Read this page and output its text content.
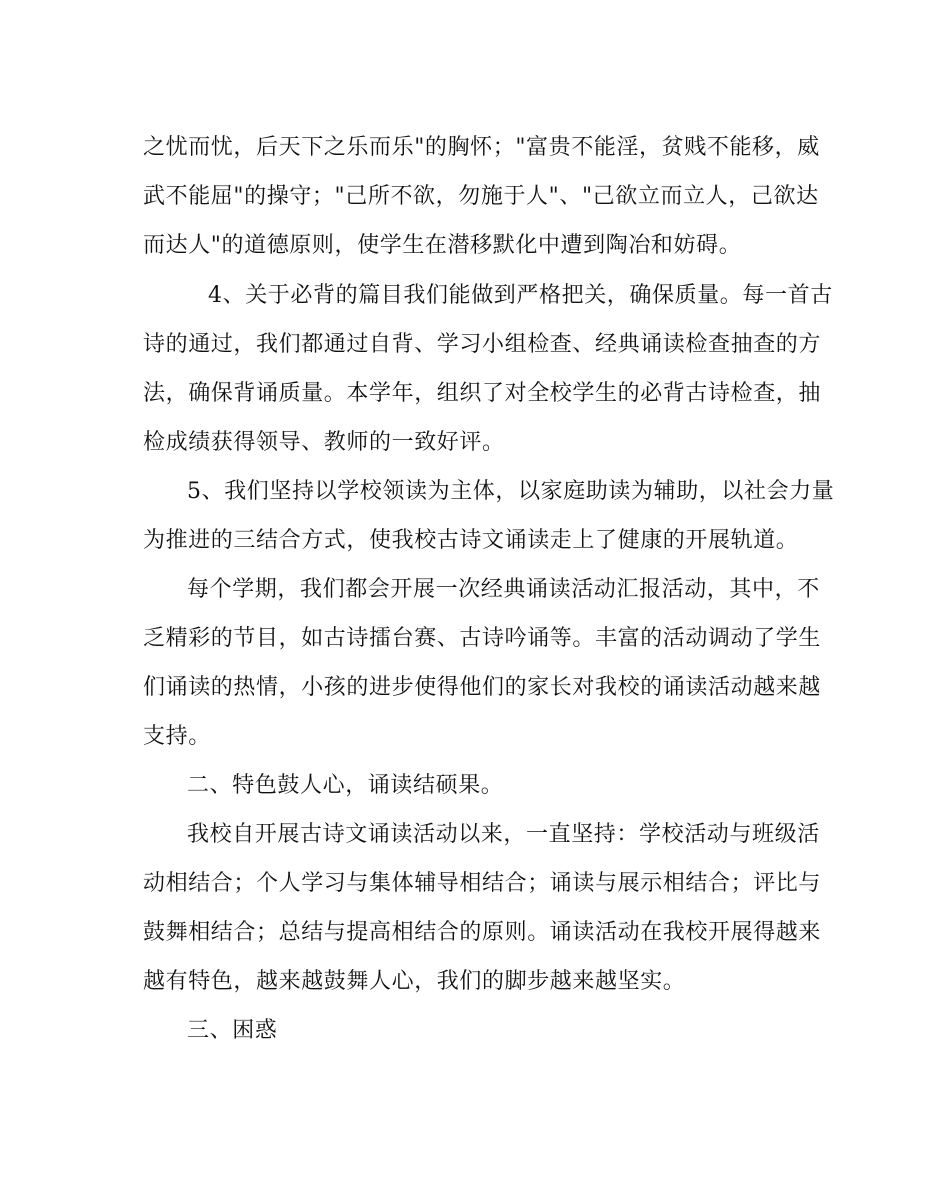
之忧而忧，后天下之乐而乐"的胸怀；"富贵不能淫，贫贱不能移，威
武不能屈"的操守；"己所不欲，勿施于人"、"己欲立而立人，己欲达
而达人"的道德原则，使学生在潜移默化中遭到陶冶和妨碍。
4、关于必背的篇目我们能做到严格把关，确保质量。每一首古
诗的通过，我们都通过自背、学习小组检查、经典诵读检查抽查的方
法，确保背诵质量。本学年，组织了对全校学生的必背古诗检查，抽
检成绩获得领导、教师的一致好评。
5、我们坚持以学校领读为主体，以家庭助读为辅助，以社会力量
为推进的三结合方式，使我校古诗文诵读走上了健康的开展轨道。
每个学期，我们都会开展一次经典诵读活动汇报活动，其中，不
乏精彩的节目，如古诗擂台赛、古诗吟诵等。丰富的活动调动了学生
们诵读的热情，小孩的进步使得他们的家长对我校的诵读活动越来越
支持。
二、特色鼓人心，诵读结硕果。
我校自开展古诗文诵读活动以来，一直坚持：学校活动与班级活
动相结合；个人学习与集体辅导相结合；诵读与展示相结合；评比与
鼓舞相结合；总结与提高相结合的原则。诵读活动在我校开展得越来
越有特色，越来越鼓舞人心，我们的脚步越来越坚实。
三、困惑
